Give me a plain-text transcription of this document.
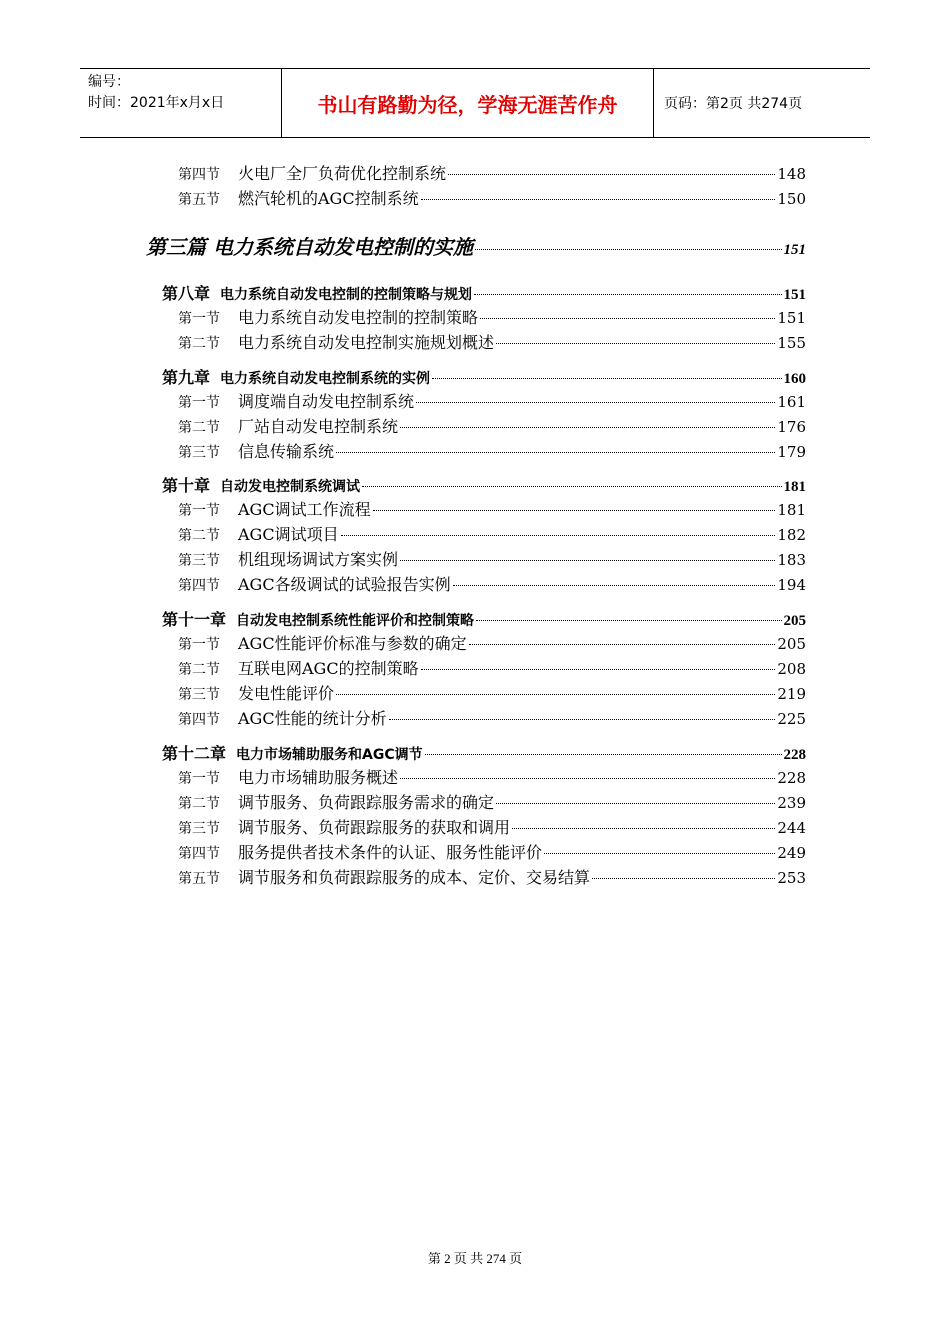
编号：
时间：2021年x月x日	书山有路勤为径，学海无涯苦作舟	页码：第2页 共274页
第四节	火电厂全厂负荷优化控制系统	148
第五节	燃汽轮机的AGC控制系统	150
第三篇 电力系统自动发电控制的实施	151
第八章 电力系统自动发电控制的控制策略与规划	151
第一节	电力系统自动发电控制的控制策略	151
第二节	电力系统自动发电控制实施规划概述	155
第九章 电力系统自动发电控制系统的实例	160
第一节	调度端自动发电控制系统	161
第二节	厂站自动发电控制系统	176
第三节	信息传输系统	179
第十章 自动发电控制系统调试	181
第一节	AGC调试工作流程	181
第二节	AGC调试项目	182
第三节	机组现场调试方案实例	183
第四节	AGC各级调试的试验报告实例	194
第十一章 自动发电控制系统性能评价和控制策略	205
第一节	AGC性能评价标准与参数的确定	205
第二节	互联电网AGC的控制策略	208
第三节	发电性能评价	219
第四节	AGC性能的统计分析	225
第十二章 电力市场辅助服务和AGC调节	228
第一节	电力市场辅助服务概述	228
第二节	调节服务、负荷跟踪服务需求的确定	239
第三节	调节服务、负荷跟踪服务的获取和调用	244
第四节	服务提供者技术条件的认证、服务性能评价	249
第五节	调节服务和负荷跟踪服务的成本、定价、交易结算	253
第 2 页 共 274 页
